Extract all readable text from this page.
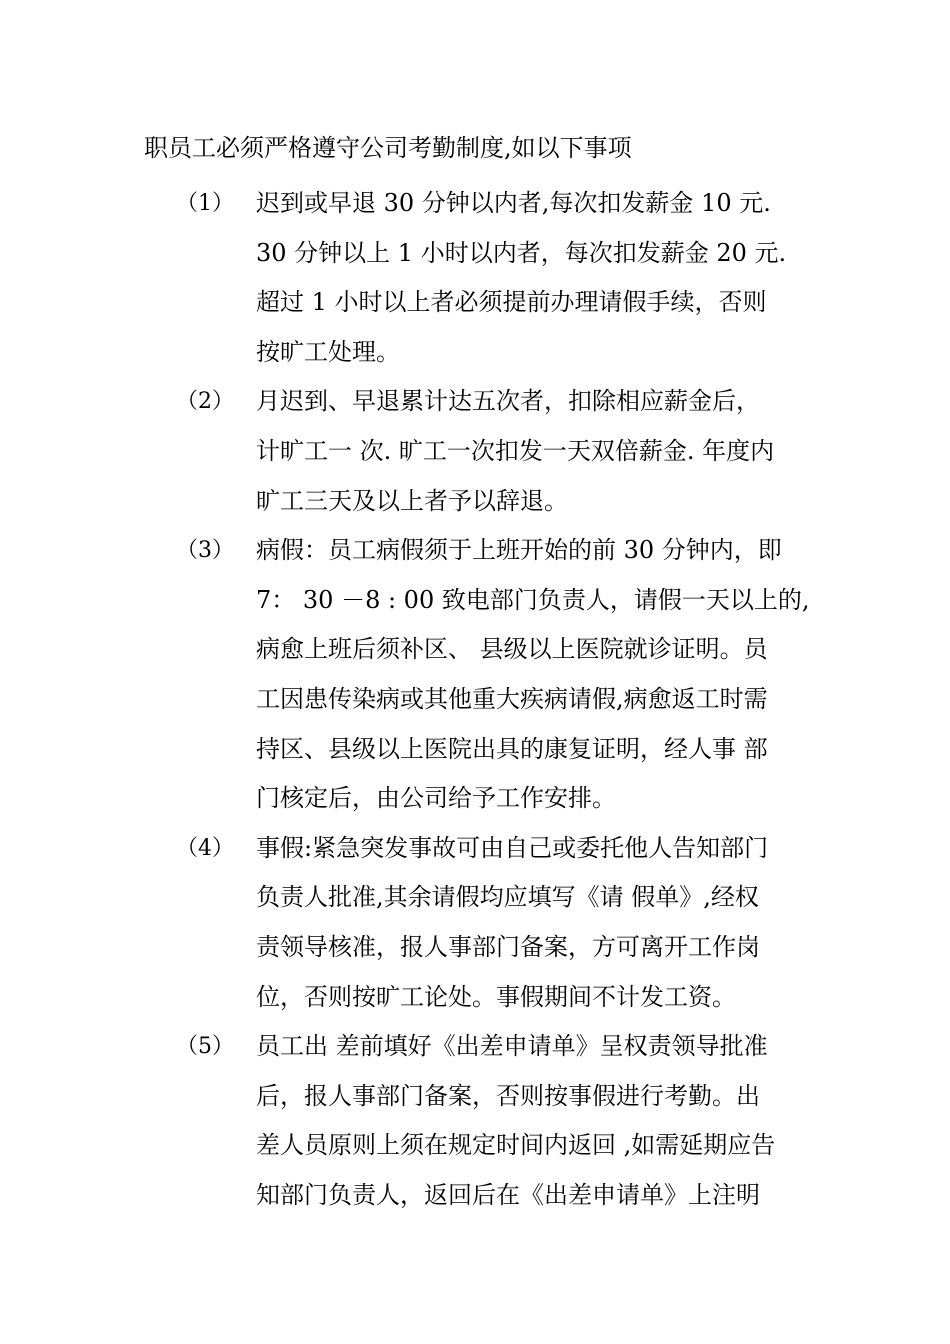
职员工必须严格遵守公司考勤制度,如以下事项
（1） 迟到或早退 30 分钟以内者,每次扣发薪金 10 元.
30 分钟以上 1 小时以内者，每次扣发薪金 20 元.
超过 1 小时以上者必须提前办理请假手续，否则
按旷工处理。
（2） 月迟到、早退累计达五次者，扣除相应薪金后，
计旷工一 次. 旷工一次扣发一天双倍薪金. 年度内
旷工三天及以上者予以辞退。
（3） 病假：员工病假须于上班开始的前 30 分钟内，即
7： 30 －8 : 00 致电部门负责人，请假一天以上的,
病愈上班后须补区、 县级以上医院就诊证明。员
工因患传染病或其他重大疾病请假,病愈返工时需
持区、县级以上医院出具的康复证明，经人事 部
门核定后，由公司给予工作安排。
（4） 事假:紧急突发事故可由自己或委托他人告知部门
负责人批准,其余请假均应填写《请 假单》,经权
责领导核准，报人事部门备案，方可离开工作岗
位，否则按旷工论处。事假期间不计发工资。
（5） 员工出 差前填好《出差申请单》呈权责领导批准
后，报人事部门备案，否则按事假进行考勤。出
差人员原则上须在规定时间内返回 ,如需延期应告
知部门负责人，返回后在《出差申请单》上注明
